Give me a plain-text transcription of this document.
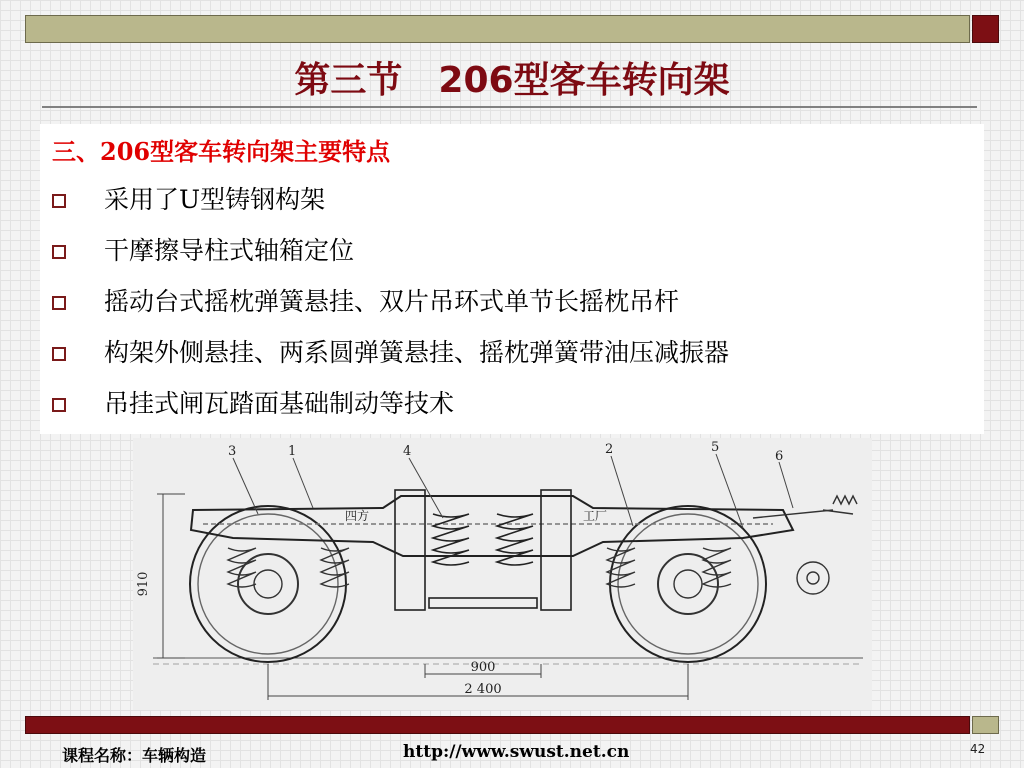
第三节　206型客车转向架
三、206型客车转向架主要特点
采用了U型铸钢构架
干摩擦导柱式轴箱定位
摇动台式摇枕弹簧悬挂、双片吊环式单节长摇枕吊杆
构架外侧悬挂、两系圆弹簧悬挂、摇枕弹簧带油压减振器
吊挂式闸瓦踏面基础制动等技术
910
900
2 400
四方	工厂
3	1	4	2	5
6
课程名称：车辆构造	http://www.swust.net.cn	42
